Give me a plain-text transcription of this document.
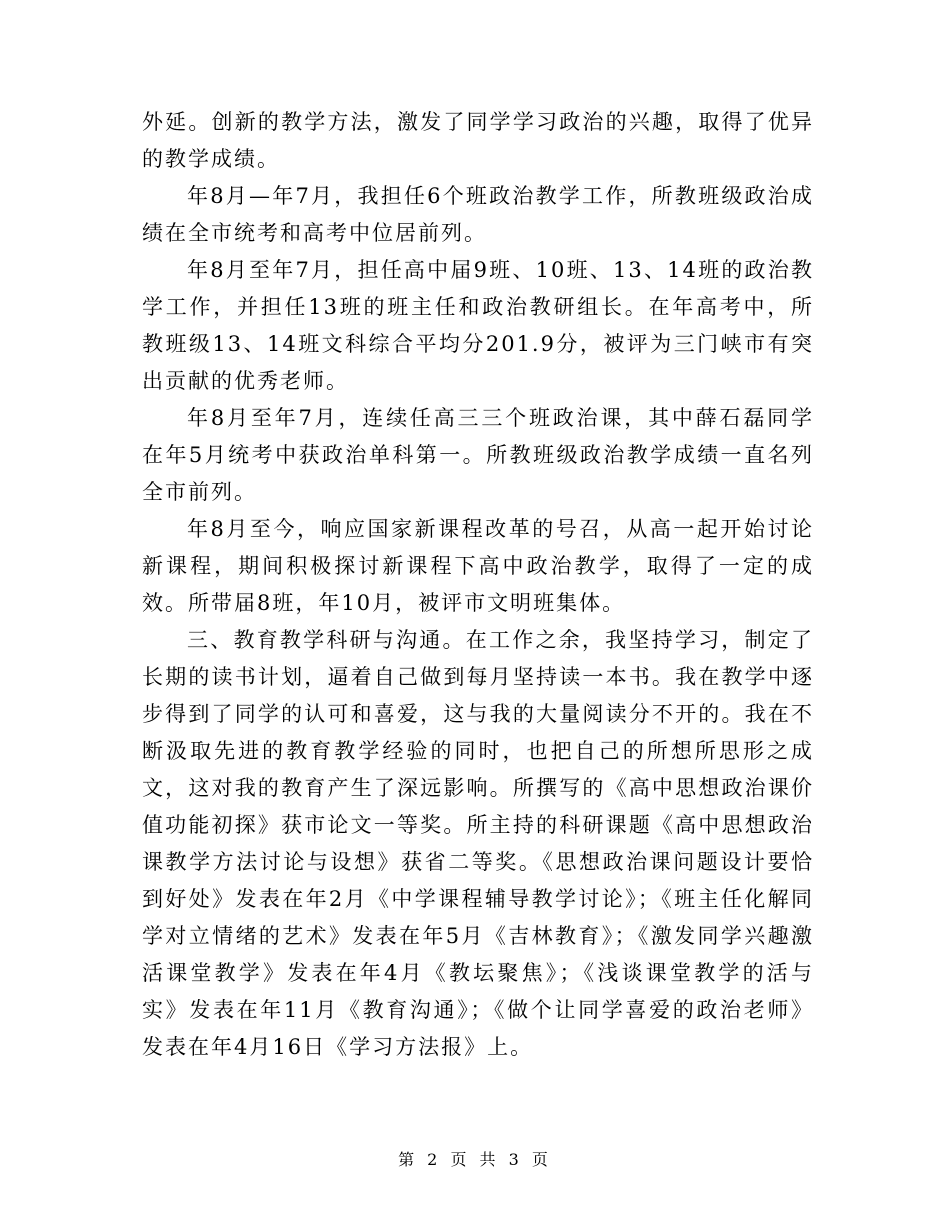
外延。创新的教学方法，激发了同学学习政治的兴趣，取得了优异的教学成绩。

年8月—年7月，我担任6个班政治教学工作，所教班级政治成绩在全市统考和高考中位居前列。

年8月至年7月，担任高中届9班、10班、13、14班的政治教学工作，并担任13班的班主任和政治教研组长。在年高考中，所教班级13、14班文科综合平均分201.9分，被评为三门峡市有突出贡献的优秀老师。

年8月至年7月，连续任高三三个班政治课，其中薛石磊同学在年5月统考中获政治单科第一。所教班级政治教学成绩一直名列全市前列。

年8月至今，响应国家新课程改革的号召，从高一起开始讨论新课程，期间积极探讨新课程下高中政治教学，取得了一定的成效。所带届8班，年10月，被评市文明班集体。

三、教育教学科研与沟通。在工作之余，我坚持学习，制定了长期的读书计划，逼着自己做到每月坚持读一本书。我在教学中逐步得到了同学的认可和喜爱，这与我的大量阅读分不开的。我在不断汲取先进的教育教学经验的同时，也把自己的所想所思形之成文，这对我的教育产生了深远影响。所撰写的《高中思想政治课价值功能初探》获市论文一等奖。所主持的科研课题《高中思想政治课教学方法讨论与设想》获省二等奖。《思想政治课问题设计要恰到好处》发表在年2月《中学课程辅导教学讨论》；《班主任化解同学对立情绪的艺术》发表在年5月《吉林教育》；《激发同学兴趣激活课堂教学》发表在年4月《教坛聚焦》；《浅谈课堂教学的活与实》发表在年11月《教育沟通》；《做个让同学喜爱的政治老师》发表在年4月16日《学习方法报》上。

第 2 页 共 3 页
